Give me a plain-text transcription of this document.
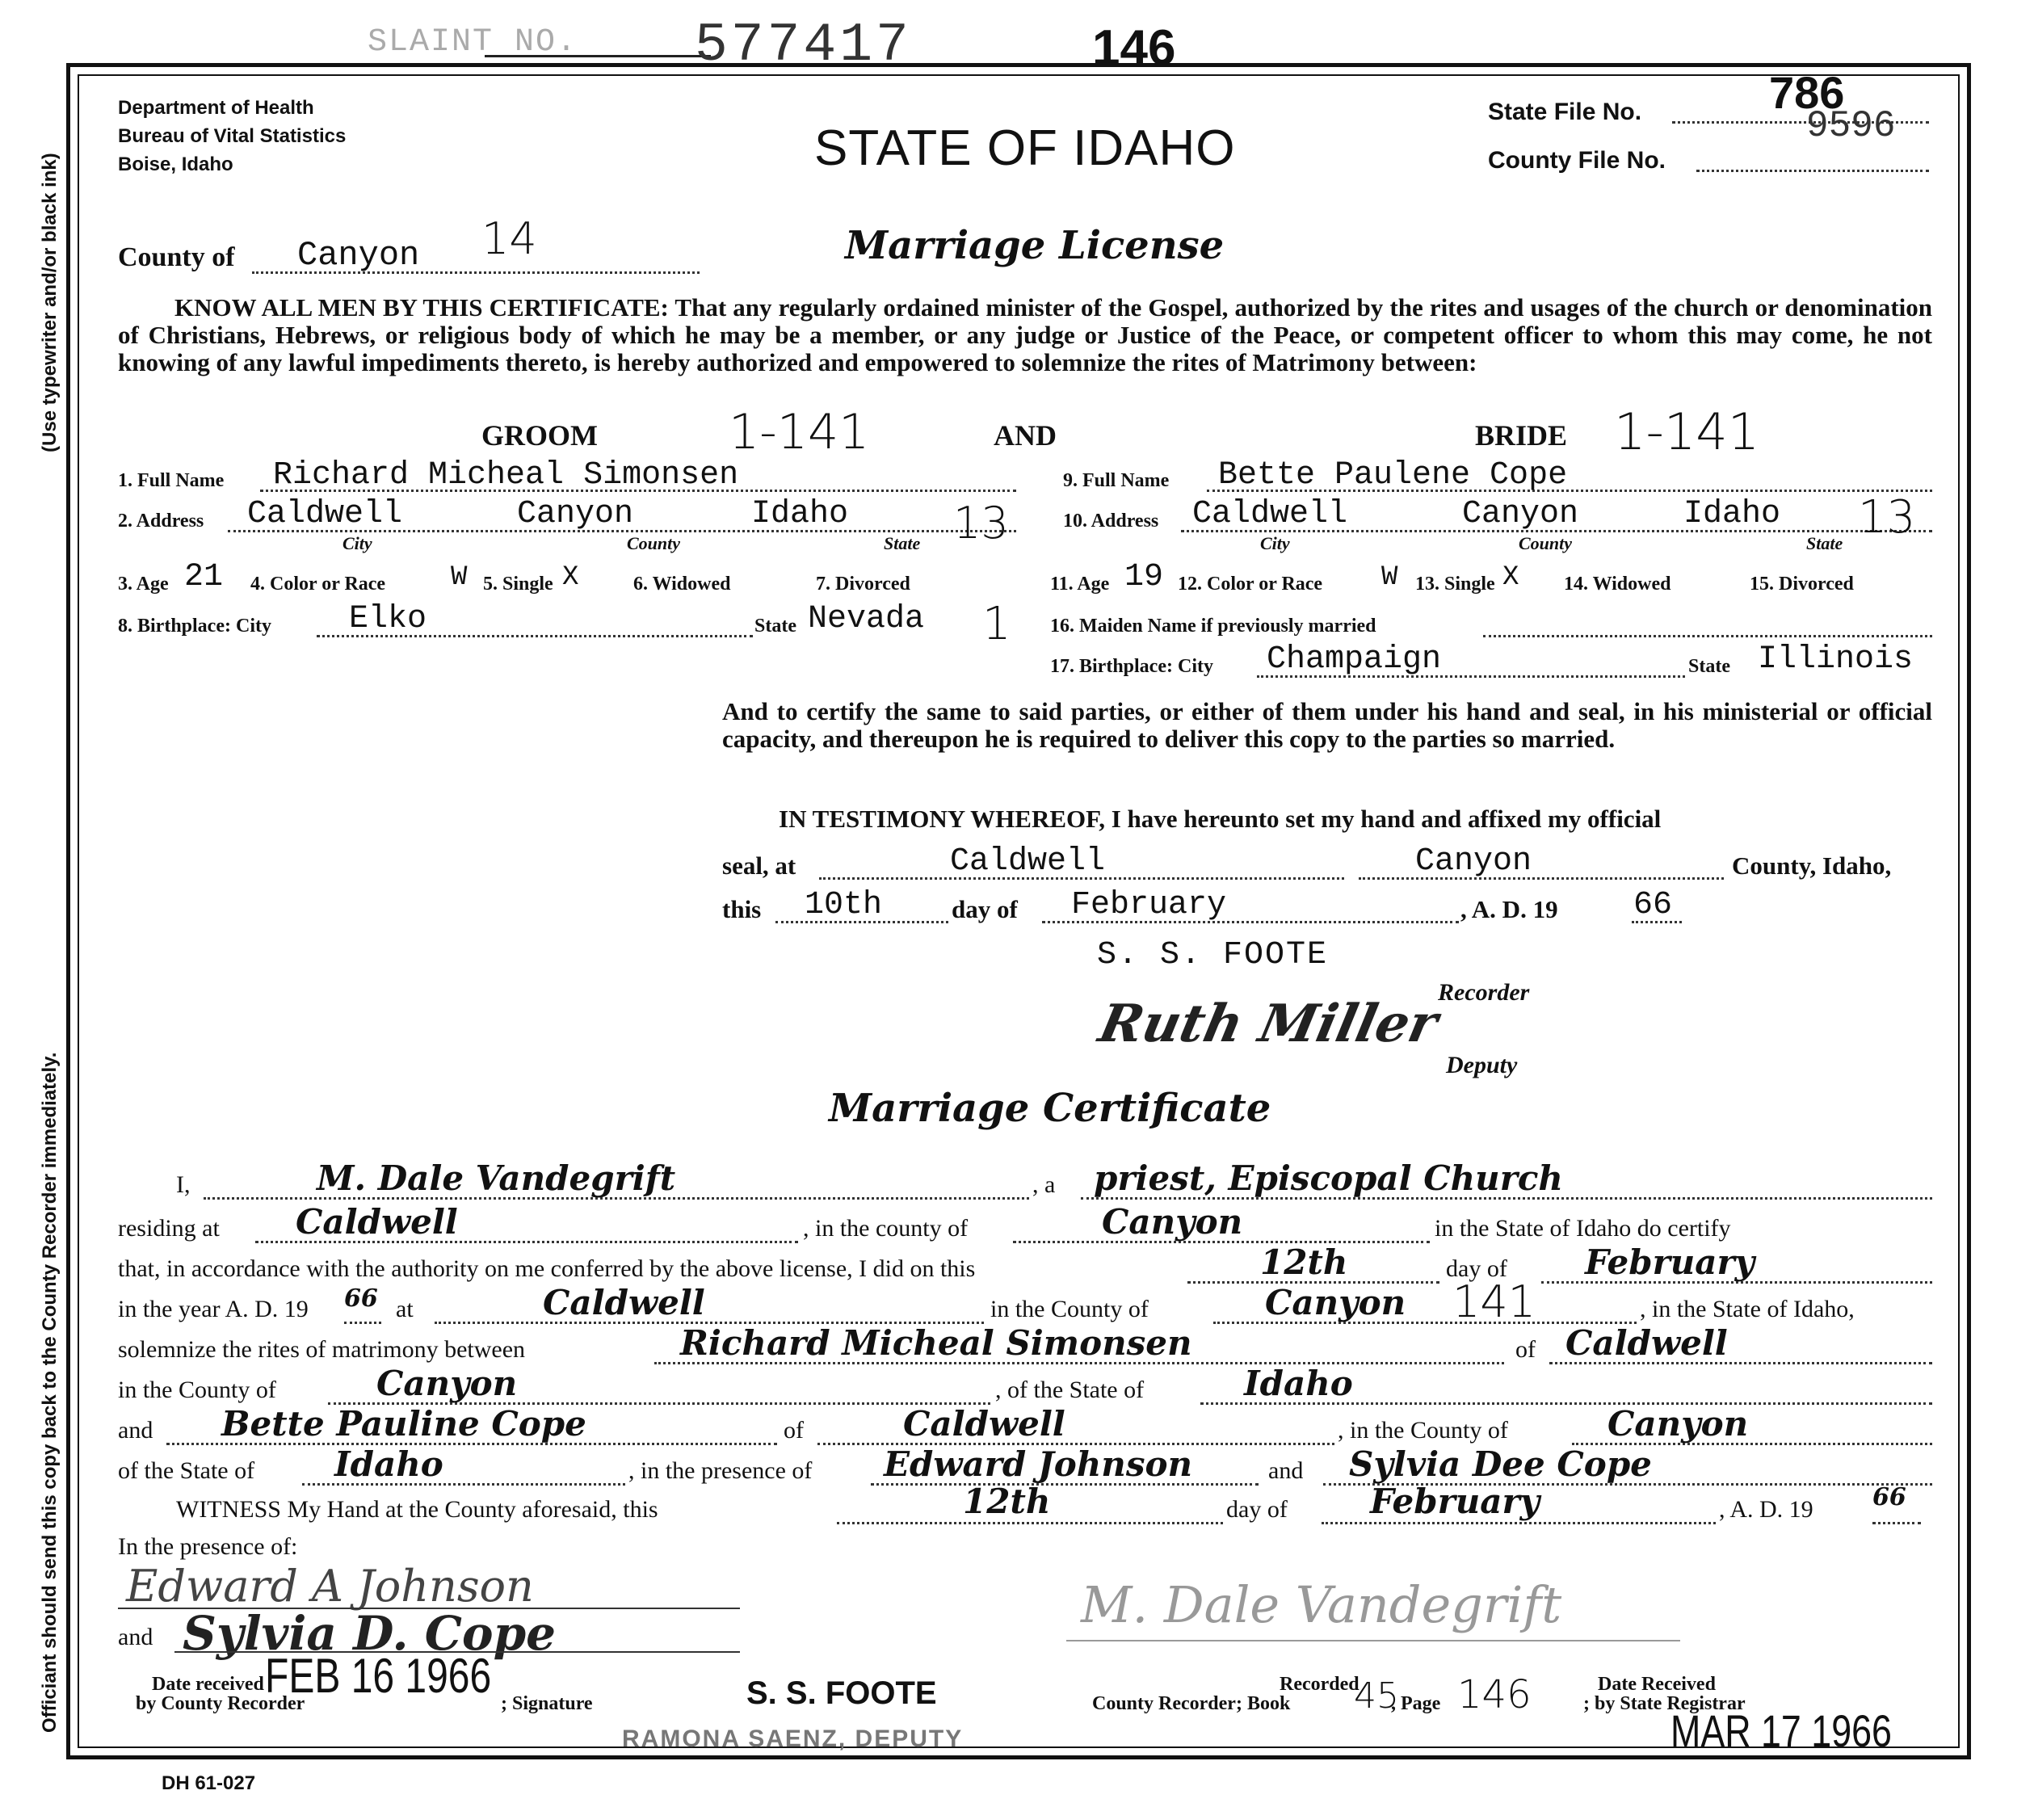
SLAINT NO. 577417	146
(Use typewriter and/or black ink)
Officiant should send this copy back to the County Recorder immediately.
Department of Health
Bureau of Vital Statistics
Boise, Idaho	STATE OF IDAHO
State File No.	9596
786
County File No.
County of Canyon 14	Marriage License
KNOW ALL MEN BY THIS CERTIFICATE: That any regularly ordained minister of the Gospel, authorized by the rites and usages of the church or denomination of Christians, Hebrews, or religious body of which he may be a member, or any judge or Justice of the Peace, or competent officer to whom this may come, he not knowing of any lawful impediments thereto, is hereby authorized and empowered to solemnize the rites of Matrimony between:
GROOM	1-141	AND	BRIDE 1-141
1. Full Name Richard Micheal Simonsen
2. Address Caldwell	Canyon	Idaho 13
City	County	State
3. Age 21 4. Color or Race W 5. Single X	6. Widowed	7. Divorced
8. Birthplace: City Elko	State Nevada 1
9. Full Name Bette Paulene Cope
10. Address Caldwell	Canyon	Idaho 13
City	County	State
11. Age 19 12. Color or Race W 13. Single X 14. Widowed	15. Divorced
16. Maiden Name if previously married
17. Birthplace: City Champaign	State Illinois
And to certify the same to said parties, or either of them under his hand and seal, in his ministerial or official capacity, and thereupon he is required to deliver this copy to the parties so married.
IN TESTIMONY WHEREOF, I have hereunto set my hand and affixed my official
seal, at	Caldwell	Canyon	County, Idaho,
this 10th	day of February	, A. D. 19 66
S. S. FOOTE
Recorder
Ruth Miller
Deputy
Marriage Certificate
I,	M. Dale Vandegrift	, a priest, Episcopal Church
residing at Caldwell	, in the county of	Canyon	in the State of Idaho do certify
that, in accordance with the authority on me conferred by the above license, I did on this	12th	day of February
in the year A. D. 19 66 at	Caldwell	in the County of	Canyon 141	, in the State of Idaho,
solemnize the rites of matrimony between	Richard Micheal Simonsen	of Caldwell
in the County of	Canyon	, of the State of	Idaho
and Bette Pauline Cope	of	Caldwell	, in the County of	Canyon
of the State of Idaho	, in the presence of Edward Johnson	and Sylvia Dee Cope
WITNESS My Hand at the County aforesaid, this	12th	day of February	, A. D. 19 66
In the presence of:
Edward A Johnson
and Sylvia D. Cope	M. Dale Vandegrift
Date received
by County Recorder
FEB 16 1966
; Signature	S. S. FOOTE
RAMONA SAENZ, DEPUTY
Recorded
County Recorder; Book 45
, Page 146	Date Received
; by State Registrar
MAR 17 1966
DH 61-027
